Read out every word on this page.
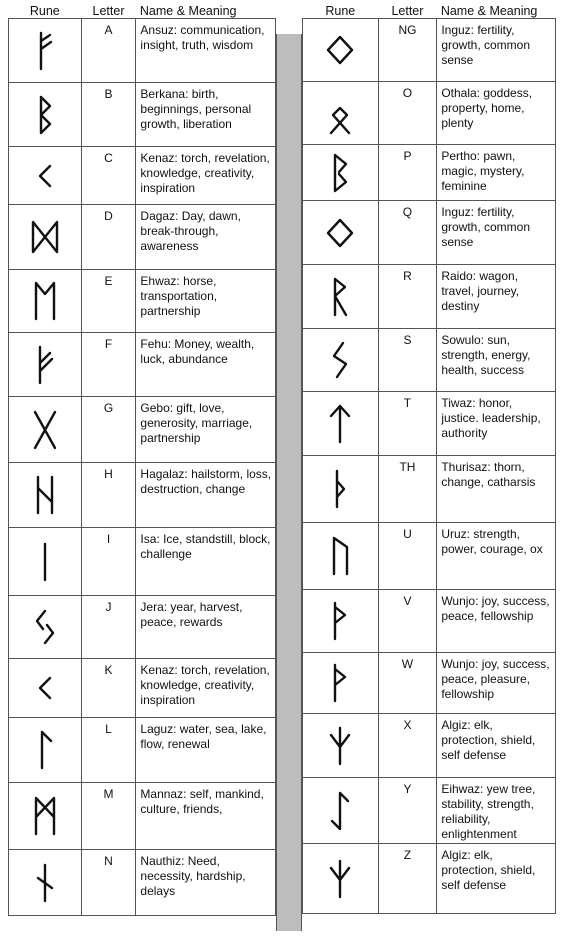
Rune	Letter	Name & Meaning

	A	Ansuz: communication, insight, truth, wisdom

	B	Berkana: birth, beginnings, personal growth, liberation

	C	Kenaz: torch, revelation, knowledge, creativity, inspiration

	D	Dagaz: Day, dawn, break-through, awareness

	E	Ehwaz: horse, transportation, partnership

	F	Fehu: Money, wealth, luck, abundance

	G	Gebo: gift, love, generosity, marriage, partnership

	H	Hagalaz: hailstorm, loss, destruction, change

	I	Isa: Ice, standstill, block, challenge

	J	Jera: year, harvest, peace, rewards

	K	Kenaz: torch, revelation, knowledge, creativity, inspiration

	L	Laguz: water, sea, lake, flow, renewal

	M	Mannaz: self, mankind, culture, friends,

	N	Nauthiz: Need, necessity, hardship, delays
Rune	Letter	Name & Meaning

	NG	Inguz: fertility, growth, common sense

	O	Othala: goddess, property, home, plenty

	P	Pertho: pawn, magic, mystery, feminine

	Q	Inguz: fertility, growth, common sense

	R	Raido: wagon, travel, journey, destiny

	S	Sowulo: sun, strength, energy, health, success

	T	Tiwaz: honor, justice. leadership, authority

	TH	Thurisaz: thorn, change, catharsis

	U	Uruz: strength, power, courage, ox

	V	Wunjo: joy, success, peace, fellowship

	W	Wunjo: joy, success, peace, pleasure, fellowship

	X	Algiz: elk, protection, shield, self defense

	Y	Eihwaz: yew tree, stability, strength, reliability, enlightenment

	Z	Algiz: elk, protection, shield, self defense
